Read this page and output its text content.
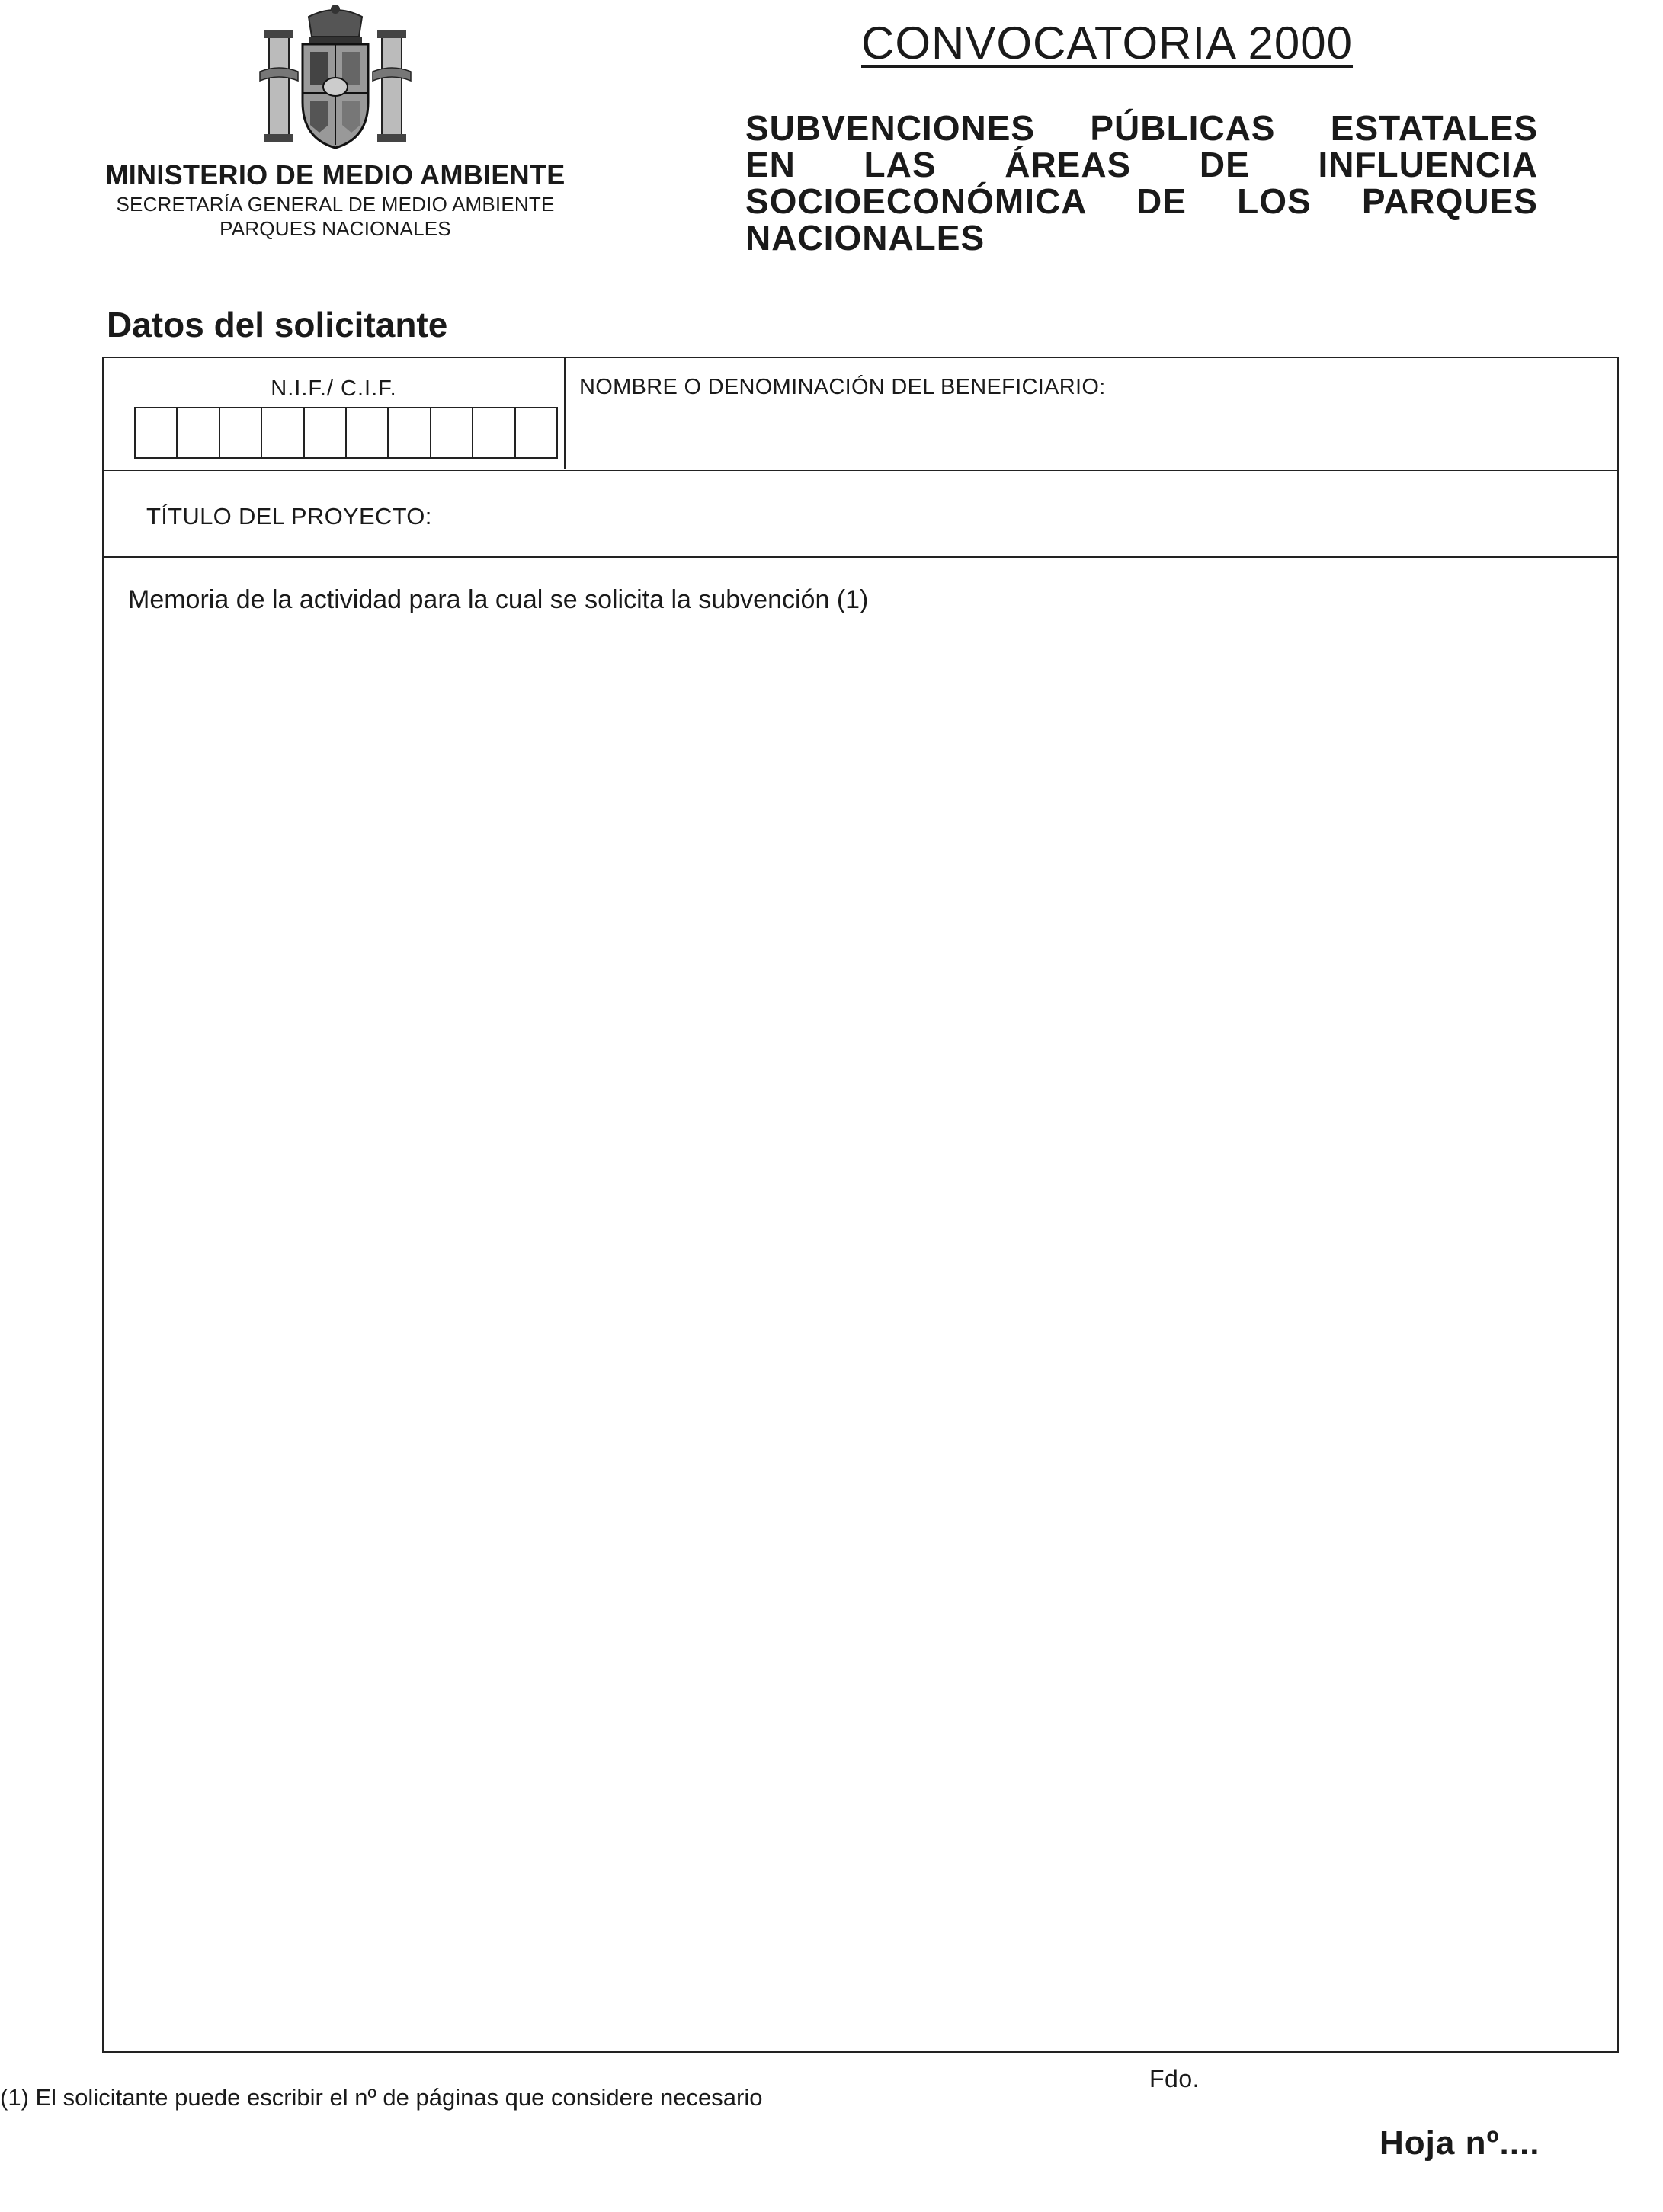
MINISTERIO DE MEDIO AMBIENTE
SECRETARÍA GENERAL DE MEDIO AMBIENTE
PARQUES NACIONALES
CONVOCATORIA 2000
SUBVENCIONES PÚBLICAS ESTATALES
EN LAS ÁREAS DE INFLUENCIA
SOCIOECONÓMICA DE LOS PARQUES
NACIONALES
Datos del solicitante
N.I.F./ C.I.F.	NOMBRE O DENOMINACIÓN DEL BENEFICIARIO:
TÍTULO DEL PROYECTO:
Memoria de la actividad para la cual se solicita la subvención (1)
(1) El solicitante puede escribir el nº de páginas que considere necesario
Fdo.
Hoja nº....
